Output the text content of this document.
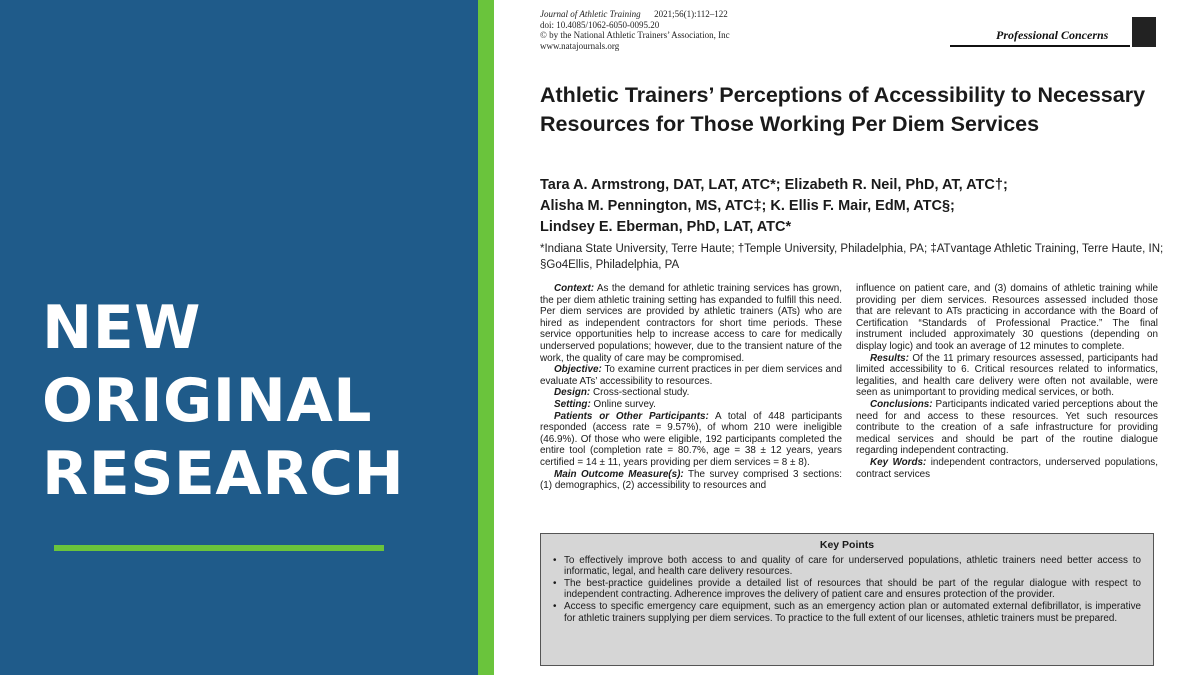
NEW
ORIGINAL
RESEARCH
Journal of Athletic Training 2021;56(1):112–122
doi: 10.4085/1062-6050-0095.20
© by the National Athletic Trainers’ Association, Inc
www.natajournals.org
Professional Concerns
Athletic Trainers’ Perceptions of Accessibility to Necessary Resources for Those Working Per Diem Services
Tara A. Armstrong, DAT, LAT, ATC*; Elizabeth R. Neil, PhD, AT, ATC†;
Alisha M. Pennington, MS, ATC‡; K. Ellis F. Mair, EdM, ATC§;
Lindsey E. Eberman, PhD, LAT, ATC*
*Indiana State University, Terre Haute; †Temple University, Philadelphia, PA; ‡ATvantage Athletic Training, Terre Haute, IN; §Go4Ellis, Philadelphia, PA

Context: As the demand for athletic training services has grown, the per diem athletic training setting has expanded to fulfill this need. Per diem services are provided by athletic trainers (ATs) who are hired as independent contractors for short time periods. These service opportunities help to increase access to care for medically underserved populations; however, due to the transient nature of the work, the quality of care may be compromised.

Objective: To examine current practices in per diem services and evaluate ATs’ accessibility to resources.

Design: Cross-sectional study.

Setting: Online survey.

Patients or Other Participants: A total of 448 participants responded (access rate = 9.57%), of whom 210 were ineligible (46.9%). Of those who were eligible, 192 participants completed the entire tool (completion rate = 80.7%, age = 38 ± 12 years, years certified = 14 ± 11, years providing per diem services = 8 ± 8).

Main Outcome Measure(s): The survey comprised 3 sections: (1) demographics, (2) accessibility to resources and

influence on patient care, and (3) domains of athletic training while providing per diem services. Resources assessed included those that are relevant to ATs practicing in accordance with the Board of Certification “Standards of Professional Practice.” The final instrument included approximately 30 questions (depending on display logic) and took an average of 12 minutes to complete.

Results: Of the 11 primary resources assessed, participants had limited accessibility to 6. Critical resources related to informatics, legalities, and health care delivery were often not available, were seen as unimportant to providing medical services, or both.

Conclusions: Participants indicated varied perceptions about the need for and access to these resources. Yet such resources contribute to the creation of a safe infrastructure for providing medical services and should be part of the routine dialogue regarding independent contracting.

Key Words: independent contractors, underserved populations, contract services

Key Points
• To effectively improve both access to and quality of care for underserved populations, athletic trainers need better access to informatic, legal, and health care delivery resources.
• The best-practice guidelines provide a detailed list of resources that should be part of the regular dialogue with respect to independent contracting. Adherence improves the delivery of patient care and ensures protection of the provider.
• Access to specific emergency care equipment, such as an emergency action plan or automated external defibrillator, is imperative for athletic trainers supplying per diem services. To practice to the full extent of our licenses, athletic trainers must be prepared.
